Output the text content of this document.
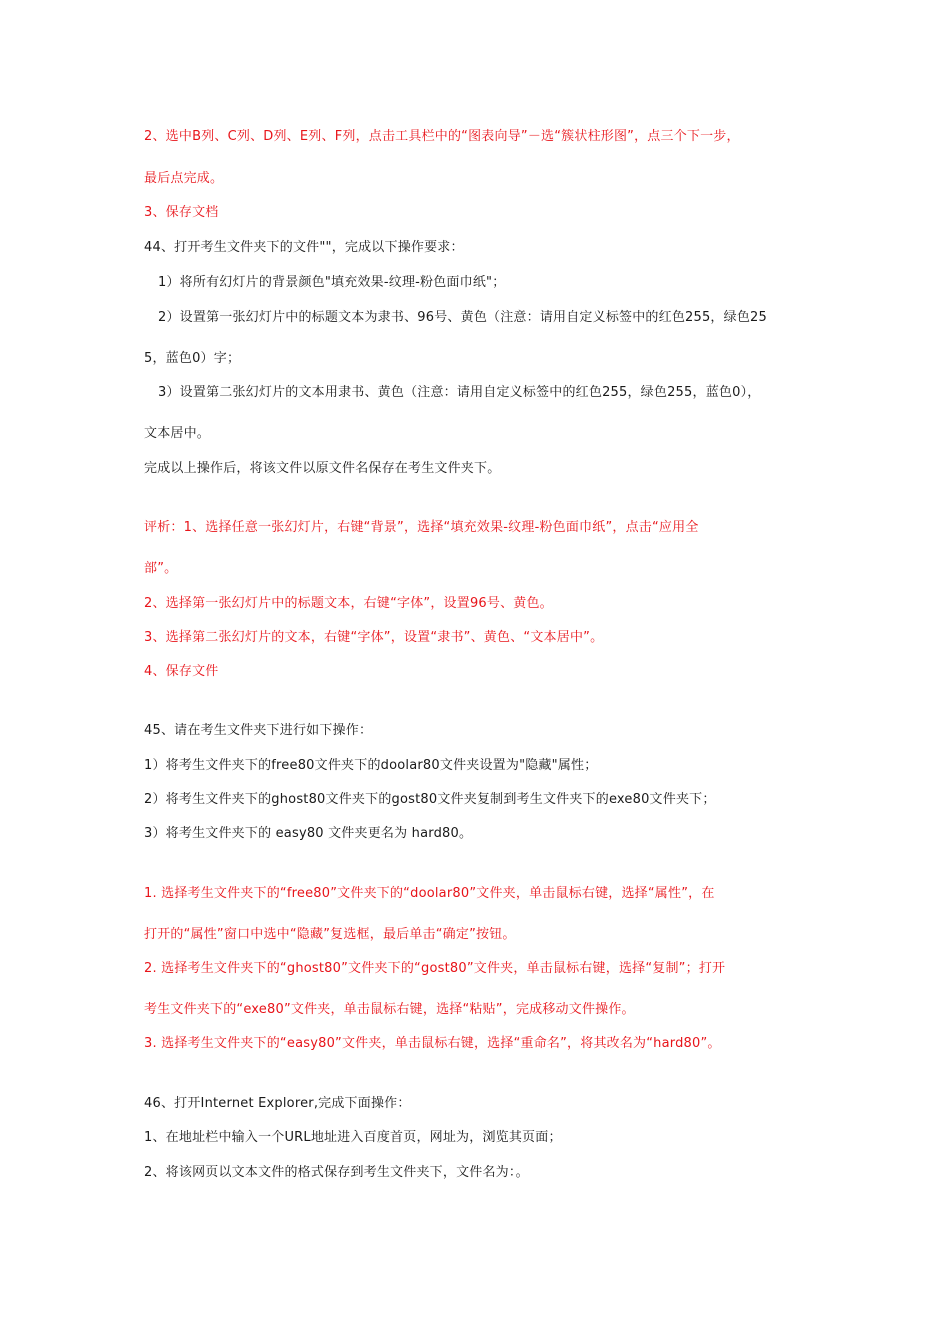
2、选中B列、C列、D列、E列、F列，点击工具栏中的“图表向导”－选“簇状柱形图”，点三个下一步，
最后点完成。
3、保存文档
44、打开考生文件夹下的文件""，完成以下操作要求：
1）将所有幻灯片的背景颜色"填充效果-纹理-粉色面巾纸"；
2）设置第一张幻灯片中的标题文本为隶书、96号、黄色（注意：请用自定义标签中的红色255，绿色25
5，蓝色0）字；
3）设置第二张幻灯片的文本用隶书、黄色（注意：请用自定义标签中的红色255，绿色255，蓝色0），
文本居中。
完成以上操作后，将该文件以原文件名保存在考生文件夹下。
评析：1、选择任意一张幻灯片，右键“背景”，选择“填充效果-纹理-粉色面巾纸”，点击“应用全
部”。
2、选择第一张幻灯片中的标题文本，右键“字体”，设置96号、黄色。
3、选择第二张幻灯片的文本，右键“字体”，设置“隶书”、黄色、“文本居中”。
4、保存文件
45、请在考生文件夹下进行如下操作：
1）将考生文件夹下的free80文件夹下的doolar80文件夹设置为"隐藏"属性；
2）将考生文件夹下的ghost80文件夹下的gost80文件夹复制到考生文件夹下的exe80文件夹下；
3）将考生文件夹下的 easy80 文件夹更名为 hard80。
1. 选择考生文件夹下的“free80”文件夹下的“doolar80”文件夹，单击鼠标右键，选择“属性”，在
打开的“属性”窗口中选中“隐藏”复选框，最后单击“确定”按钮。
2. 选择考生文件夹下的“ghost80”文件夹下的“gost80”文件夹，单击鼠标右键，选择“复制”；打开
考生文件夹下的“exe80”文件夹，单击鼠标右键，选择“粘贴”，完成移动文件操作。
3. 选择考生文件夹下的“easy80”文件夹，单击鼠标右键，选择“重命名”，将其改名为“hard80”。
46、打开Internet Explorer,完成下面操作：
1、在地址栏中输入一个URL地址进入百度首页，网址为，浏览其页面；
2、将该网页以文本文件的格式保存到考生文件夹下，文件名为：。
